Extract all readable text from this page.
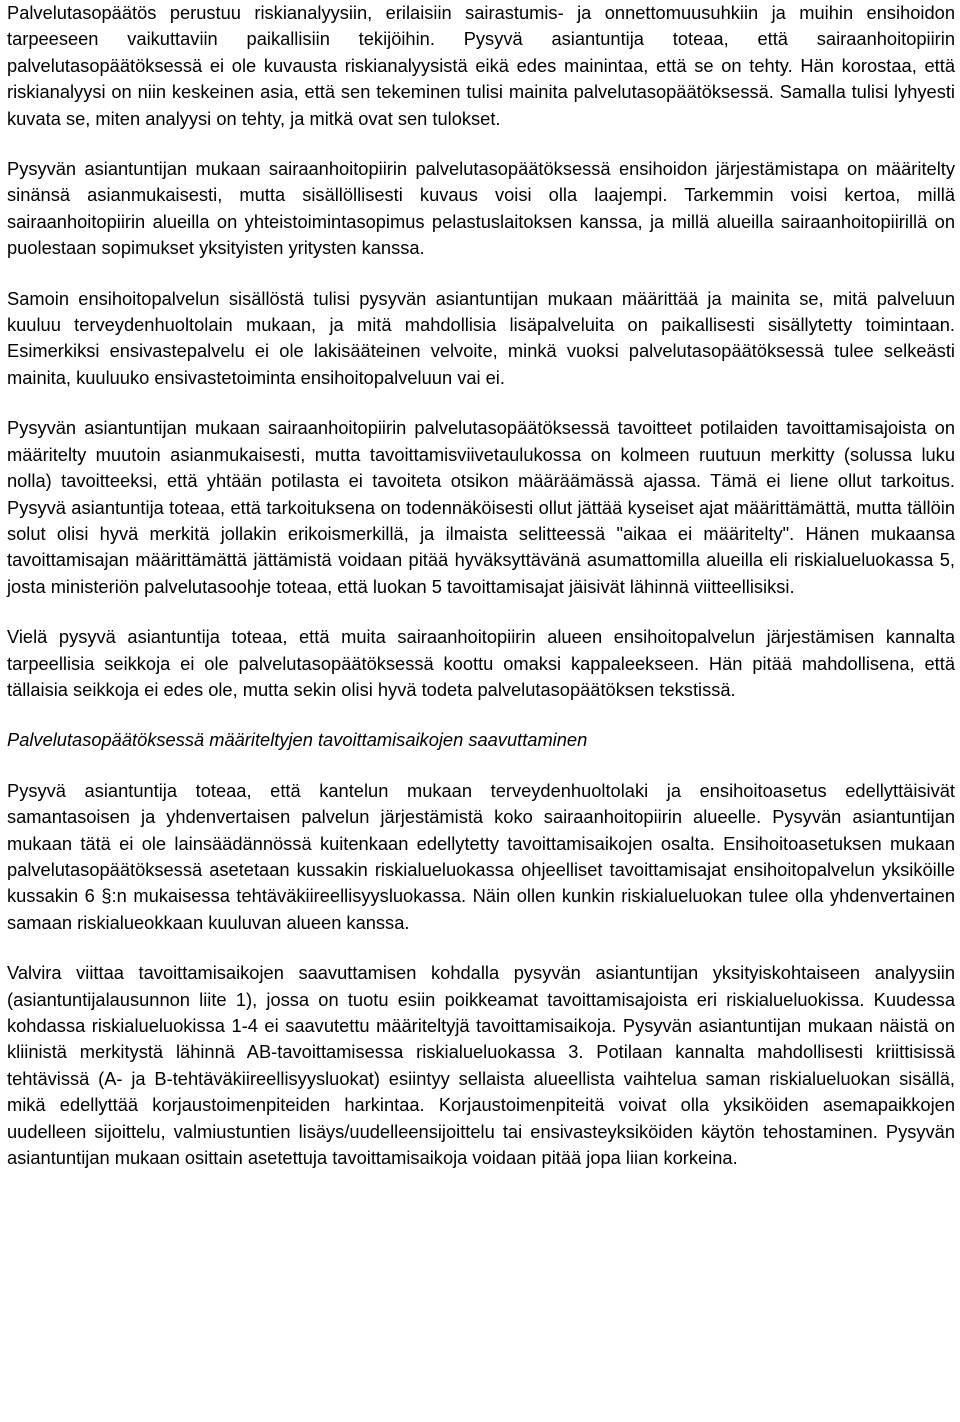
Palvelutasopäätös perustuu riskianalyysiin, erilaisiin sairastumis- ja onnettomuusuhkiin ja muihin ensihoidon tarpeeseen vaikuttaviin paikallisiin tekijöihin. Pysyvä asiantuntija toteaa, että sairaanhoitopiirin palvelutasopäätöksessä ei ole kuvausta riskianalyysistä eikä edes mainintaa, että se on tehty. Hän korostaa, että riskianalyysi on niin keskeinen asia, että sen tekeminen tulisi mainita palvelutasopäätöksessä. Samalla tulisi lyhyesti kuvata se, miten analyysi on tehty, ja mitkä ovat sen tulokset.

Pysyvän asiantuntijan mukaan sairaanhoitopiirin palvelutasopäätöksessä ensihoidon järjestämistapa on määritelty sinänsä asianmukaisesti, mutta sisällöllisesti kuvaus voisi olla laajempi. Tarkemmin voisi kertoa, millä sairaanhoitopiirin alueilla on yhteistoimintasopimus pelastuslaitoksen kanssa, ja millä alueilla sairaanhoitopiirillä on puolestaan sopimukset yksityisten yritysten kanssa.

Samoin ensihoitopalvelun sisällöstä tulisi pysyvän asiantuntijan mukaan määrittää ja mainita se, mitä palveluun kuuluu terveydenhuoltolain mukaan, ja mitä mahdollisia lisäpalveluita on paikallisesti sisällytetty toimintaan. Esimerkiksi ensivastepalvelu ei ole lakisääteinen velvoite, minkä vuoksi palvelutasopäätöksessä tulee selkeästi mainita, kuuluuko ensivastetoiminta ensihoitopalveluun vai ei.

Pysyvän asiantuntijan mukaan sairaanhoitopiirin palvelutasopäätöksessä tavoitteet potilaiden tavoittamisajoista on määritelty muutoin asianmukaisesti, mutta tavoittamisviivetaulukossa on kolmeen ruutuun merkitty (solussa luku nolla) tavoitteeksi, että yhtään potilasta ei tavoiteta otsikon määräämässä ajassa. Tämä ei liene ollut tarkoitus. Pysyvä asiantuntija toteaa, että tarkoituksena on todennäköisesti ollut jättää kyseiset ajat määrittämättä, mutta tällöin solut olisi hyvä merkitä jollakin erikoismerkillä, ja ilmaista selitteessä "aikaa ei määritelty". Hänen mukaansa tavoittamisajan määrittämättä jättämistä voidaan pitää hyväksyttävänä asumattomilla alueilla eli riskialueluokassa 5, josta ministeriön palvelutasoohje toteaa, että luokan 5 tavoittamisajat jäisivät lähinnä viitteellisiksi.

Vielä pysyvä asiantuntija toteaa, että muita sairaanhoitopiirin alueen ensihoitopalvelun järjestämisen kannalta tarpeellisia seikkoja ei ole palvelutasopäätöksessä koottu omaksi kappaleekseen. Hän pitää mahdollisena, että tällaisia seikkoja ei edes ole, mutta sekin olisi hyvä todeta palvelutasopäätöksen tekstissä.

Palvelutasopäätöksessä määriteltyjen tavoittamisaikojen saavuttaminen

Pysyvä asiantuntija toteaa, että kantelun mukaan terveydenhuoltolaki ja ensihoitoasetus edellyttäisivät samantasoisen ja yhdenvertaisen palvelun järjestämistä koko sairaanhoitopiirin alueelle. Pysyvän asiantuntijan mukaan tätä ei ole lainsäädännössä kuitenkaan edellytetty tavoittamisaikojen osalta. Ensihoitoasetuksen mukaan palvelutasopäätöksessä asetetaan kussakin riskialueluokassa ohjeelliset tavoittamisajat ensihoitopalvelun yksiköille kussakin 6 §:n mukaisessa tehtäväkiireellisyysluokassa. Näin ollen kunkin riskialueluokan tulee olla yhdenvertainen samaan riskialueokkaan kuuluvan alueen kanssa.

Valvira viittaa tavoittamisaikojen saavuttamisen kohdalla pysyvän asiantuntijan yksityiskohtaiseen analyysiin (asiantuntijalausunnon liite 1), jossa on tuotu esiin poikkeamat tavoittamisajoista eri riskialueluokissa. Kuudessa kohdassa riskialueluokissa 1-4 ei saavutettu määriteltyjä tavoittamisaikoja. Pysyvän asiantuntijan mukaan näistä on kliinistä merkitystä lähinnä AB-tavoittamisessa riskialueluokassa 3. Potilaan kannalta mahdollisesti kriittisissä tehtävissä (A- ja B-tehtäväkiireellisyysluokat) esiintyy sellaista alueellista vaihtelua saman riskialueluokan sisällä, mikä edellyttää korjaustoimenpiteiden harkintaa. Korjaustoimenpiteitä voivat olla yksiköiden asemapaikkojen uudelleen sijoittelu, valmiustuntien lisäys/uudelleensijoittelu tai ensivasteyksiköiden käytön tehostaminen. Pysyvän asiantuntijan mukaan osittain asetettuja tavoittamisaikoja voidaan pitää jopa liian korkeina.
